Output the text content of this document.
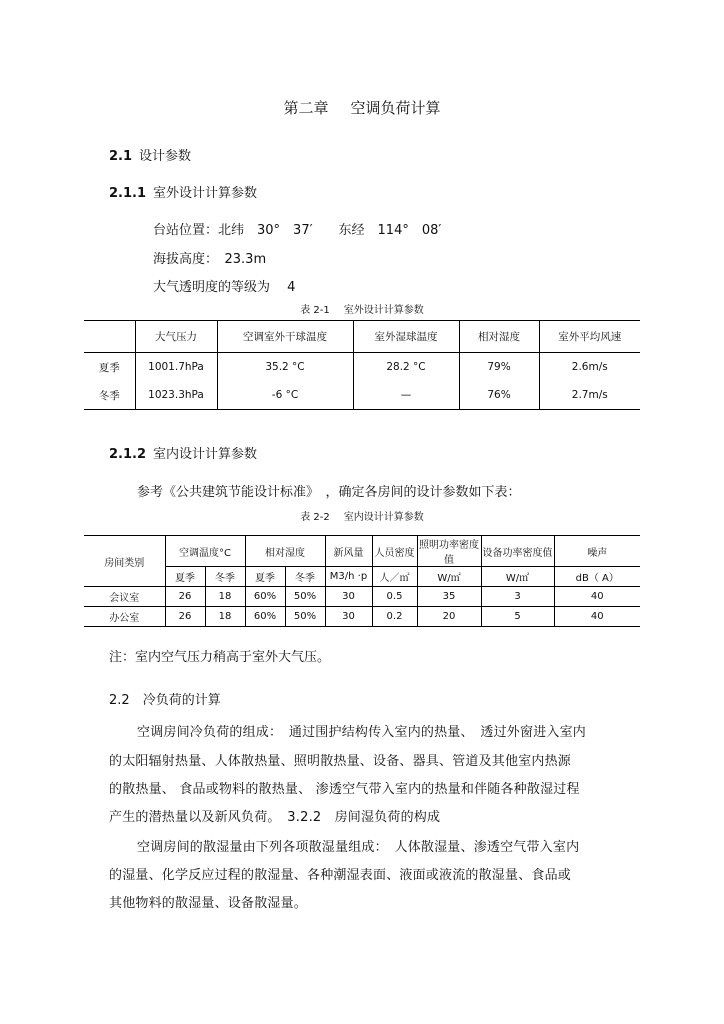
第二章 空调负荷计算
2.1 设计参数
2.1.1 室外设计计算参数
台站位置：北纬　30°　37′　　东经　114°　08′
海拔高度：　23.3m
大气透明度的等级为　 4
表 2-1 室外设计计算参数
	大气压力	空调室外干球温度	室外湿球温度	相对湿度	室外平均风速
夏季	1001.7hPa	35.2 °C	28.2 °C	79%	2.6m/s
冬季	1023.3hPa	-6 °C	—	76%	2.7m/s
2.1.2 室内设计计算参数
参考《公共建筑节能设计标准》　，确定各房间的设计参数如下表：
表 2-2 室内设计计算参数
房间类别	空调温度°C		相对湿度		新风量	人员密度	照明功率密度值	设备功率密度值	噪声
	夏季	冬季	夏季	冬季	M3/h ·p	人／㎡	W/㎡	W/㎡	dB（ A）
会议室	26	18	60%	50%	30	0.5	35	3	40
办公室	26	18	60%	50%	30	0.2	20	5	40
注：室内空气压力稍高于室外大气压。
2.2　 冷负荷的计算
空调房间冷负荷的组成：　通过围护结构传入室内的热量、　透过外窗进入室内
的太阳辐射热量、人体散热量、照明散热量、设备、器具、管道及其他室内热源
的散热量、 食品或物料的散热量、 渗透空气带入室内的热量和伴随各种散湿过程
产生的潜热量以及新风负荷。　3.2.2　房间湿负荷的构成
空调房间的散湿量由下列各项散湿量组成：　人体散湿量、渗透空气带入室内
的湿量、化学反应过程的散湿量、各种潮湿表面、液面或液流的散湿量、食品或
其他物料的散湿量、设备散湿量。
